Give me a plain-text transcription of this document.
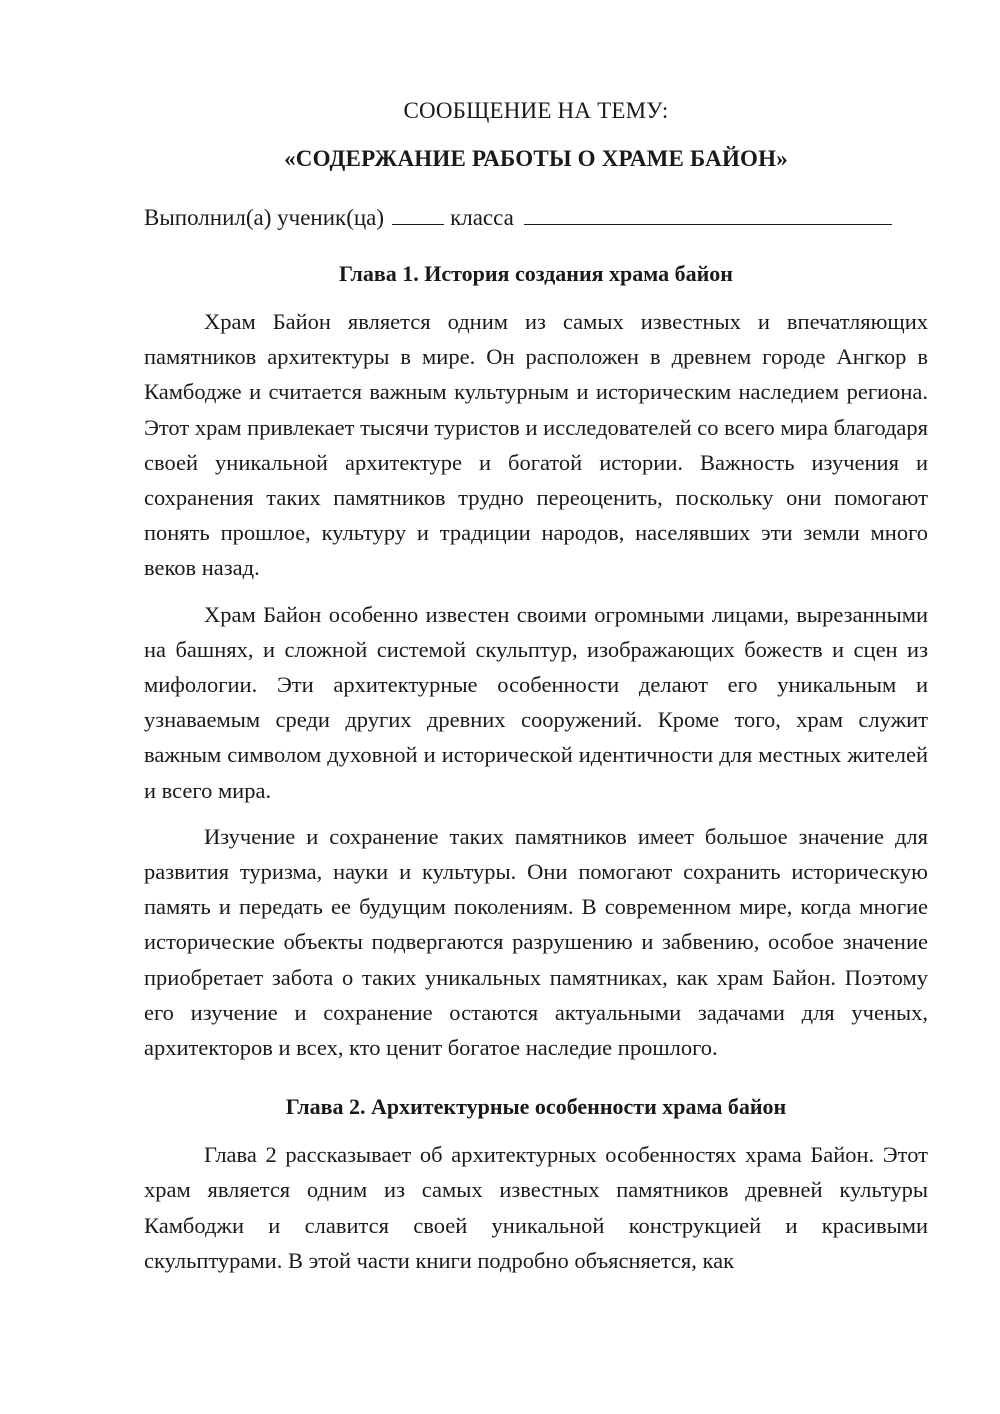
СООБЩЕНИЕ НА ТЕМУ:

«СОДЕРЖАНИЕ РАБОТЫ О ХРАМЕ БАЙОН»

Выполнил(а) ученик(ца)	класса
Глава 1. История создания храма байон

Храм Байон является одним из самых известных и впечатляющих памятников архитектуры в мире. Он расположен в древнем городе Ангкор в Камбодже и считается важным культурным и историческим наследием региона. Этот храм привлекает тысячи туристов и исследователей со всего мира благодаря своей уникальной архитектуре и богатой истории. Важность изучения и сохранения таких памятников трудно переоценить, поскольку они помогают понять прошлое, культуру и традиции народов, населявших эти земли много веков назад.

Храм Байон особенно известен своими огромными лицами, вырезанными на башнях, и сложной системой скульптур, изображающих божеств и сцен из мифологии. Эти архитектурные особенности делают его уникальным и узнаваемым среди других древних сооружений. Кроме того, храм служит важным символом духовной и исторической идентичности для местных жителей и всего мира.

Изучение и сохранение таких памятников имеет большое значение для развития туризма, науки и культуры. Они помогают сохранить историческую память и передать ее будущим поколениям. В современном мире, когда многие исторические объекты подвергаются разрушению и забвению, особое значение приобретает забота о таких уникальных памятниках, как храм Байон. Поэтому его изучение и сохранение остаются актуальными задачами для ученых, архитекторов и всех, кто ценит богатое наследие прошлого.

Глава 2. Архитектурные особенности храма байон

Глава 2 рассказывает об архитектурных особенностях храма Байон. Этот храм является одним из самых известных памятников древней культуры Камбоджи и славится своей уникальной конструкцией и красивыми скульптурами. В этой части книги подробно объясняется, как
